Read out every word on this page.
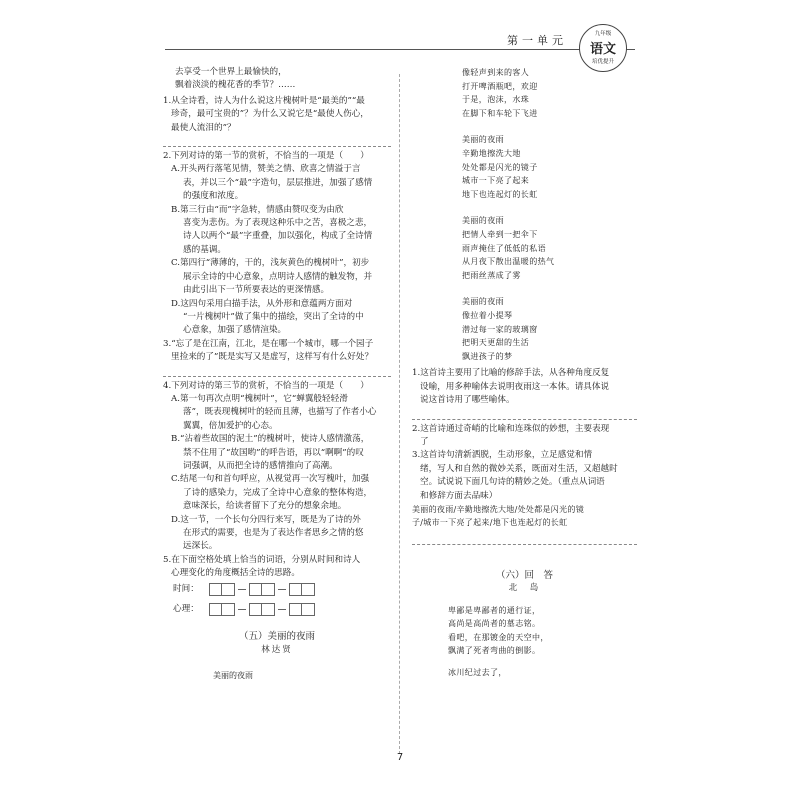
第一单元	九年级
语文
培优提升
去享受一个世界上最愉快的，
飘着淡淡的槐花香的季节？……
1.从全诗看，诗人为什么说这片槐树叶是“最美的”“最
珍奇，最可宝贵的”？为什么又说它是“最使人伤心，
最使人流泪的”？
2.下列对诗的第一节的赏析，不恰当的一项是（　　）
A.开头两行落笔见情，赞美之情、欣喜之情溢于言
表，并以三个“最”字造句，层层推进，加强了感情
的强度和浓度。
B.第三行由“而”字急转，情感由赞叹变为由欣
喜变为悲伤。为了表现这种乐中之苦，喜极之悲，
诗人以两个“最”字重叠，加以强化，构成了全诗情
感的基调。
C.第四行“薄薄的，干的，浅灰黄色的槐树叶”，初步
展示全诗的中心意象，点明诗人感情的触发物，并
由此引出下一节所要表达的更深情感。
D.这四句采用白描手法，从外形和意蕴两方面对
“一片槐树叶”做了集中的描绘，突出了全诗的中
心意象，加强了感情渲染。
3.“忘了是在江南，江北，是在哪一个城市，哪一个园子
里捡来的了”既是实写又是虚写，这样写有什么好处？
4.下列对诗的第三节的赏析，不恰当的一项是（　　）
A.第一句再次点明“槐树叶”，它“蝉翼般轻轻滑
落”，既表现槐树叶的轻而且薄，也描写了作者小心
翼翼，倍加爱护的心态。
B.“沾着些故国的泥土”的槐树叶，使诗人感情激荡，
禁不住用了“故国哟”的呼告语，再以“啊啊”的叹
词强调，从而把全诗的感情推向了高潮。
C.结尾一句和首句呼应，从视觉再一次写槐叶，加强
了诗的感染力，完成了全诗中心意象的整体构造，
意味深长，给读者留下了充分的想象余地。
D.这一节，一个长句分四行来写，既是为了诗的外
在形式的需要，也是为了表达作者思乡之情的悠
远深长。
5.在下面空格处填上恰当的词语，分别从时间和诗人
心理变化的角度概括全诗的思路。
时间：
心理：
（五）美丽的夜雨
林达贤
美丽的夜雨
像轻声到来的客人
打开啤酒瓶吧，欢迎
于是，泡沫，水珠
在脚下和车轮下飞进
美丽的夜雨
辛勤地擦洗大地
处处都是闪光的镜子
城市一下亮了起来
地下也连起灯的长虹
美丽的夜雨
把情人牵到一把伞下
雨声掩住了低低的私语
从月夜下散出温暖的热气
把雨丝蒸成了雾
美丽的夜雨
像拉着小提琴
潜过每一家的玻璃窗
把明天更甜的生活
飘进孩子的梦
1.这首诗主要用了比喻的修辞手法，从各种角度反复
设喻，用多种喻体去说明夜雨这一本体。请具体说
说这首诗用了哪些喻体。
2.这首诗通过奇峭的比喻和连珠似的妙想，主要表现
了
3.这首诗句清新洒脱，生动形象，立足感觉和情
绪，写人和自然的微妙关系，既面对生活，又超越时
空。试说说下面几句诗的精妙之处。（重点从词语
和修辞方面去品味）
美丽的夜雨/辛勤地擦洗大地/处处都是闪光的镜
子/城市一下亮了起来/地下也连起灯的长虹
（六）回　答
北　岛
卑鄙是卑鄙者的通行证，
高尚是高尚者的墓志铭。
看吧，在那镀金的天空中，
飘满了死者弯曲的倒影。
冰川纪过去了，
7
